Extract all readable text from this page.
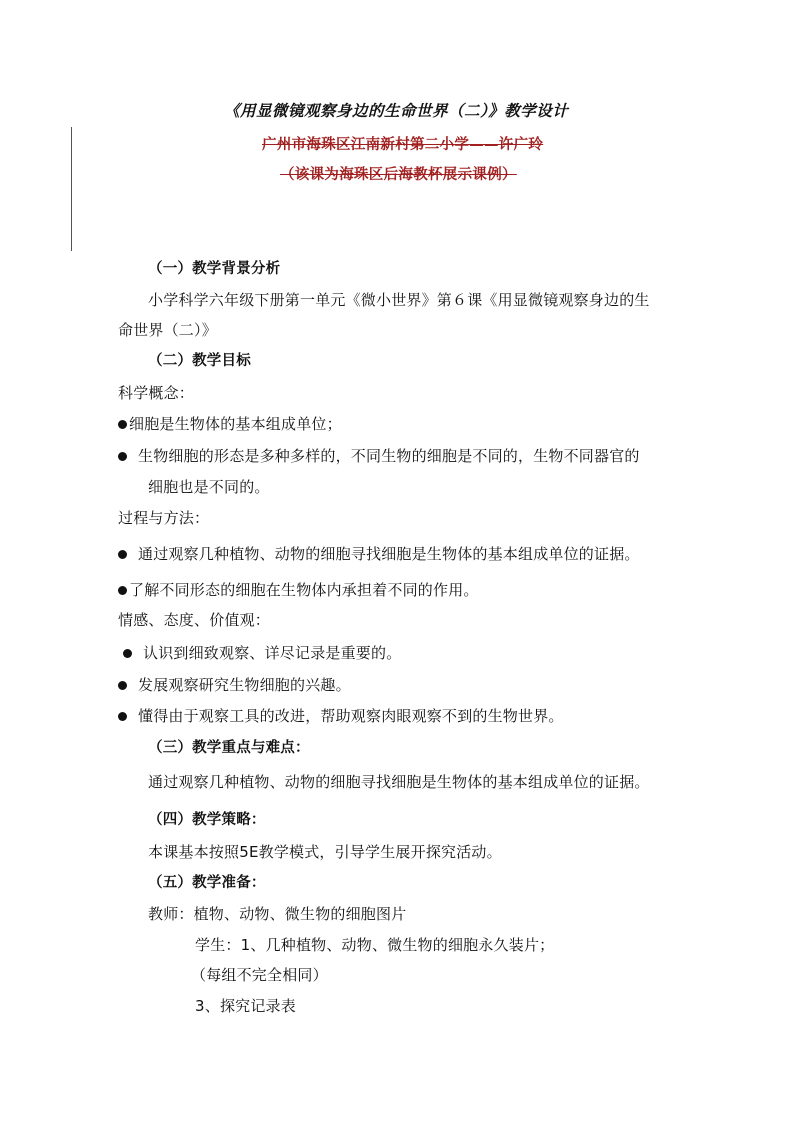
《用显微镜观察身边的生命世界（二）》教学设计
广州市海珠区江南新村第二小学——许广玲
（该课为海珠区后海教杯展示课例）
（一）教学背景分析
小学科学六年级下册第一单元《微小世界》第６课《用显微镜观察身边的生
命世界（二）》
（二）教学目标
科学概念：
细胞是生物体的基本组成单位；
生物细胞的形态是多种多样的，不同生物的细胞是不同的，生物不同器官的
细胞也是不同的。
过程与方法：
通过观察几种植物、动物的细胞寻找细胞是生物体的基本组成单位的证据。
了解不同形态的细胞在生物体内承担着不同的作用。
情感、态度、价值观：
认识到细致观察、详尽记录是重要的。
发展观察研究生物细胞的兴趣。
懂得由于观察工具的改进，帮助观察肉眼观察不到的生物世界。
（三）教学重点与难点：
通过观察几种植物、动物的细胞寻找细胞是生物体的基本组成单位的证据。
（四）教学策略：
本课基本按照5E教学模式，引导学生展开探究活动。
（五）教学准备：
教师：植物、动物、微生物的细胞图片
学生：1、几种植物、动物、微生物的细胞永久装片；
（每组不完全相同）
3、探究记录表
